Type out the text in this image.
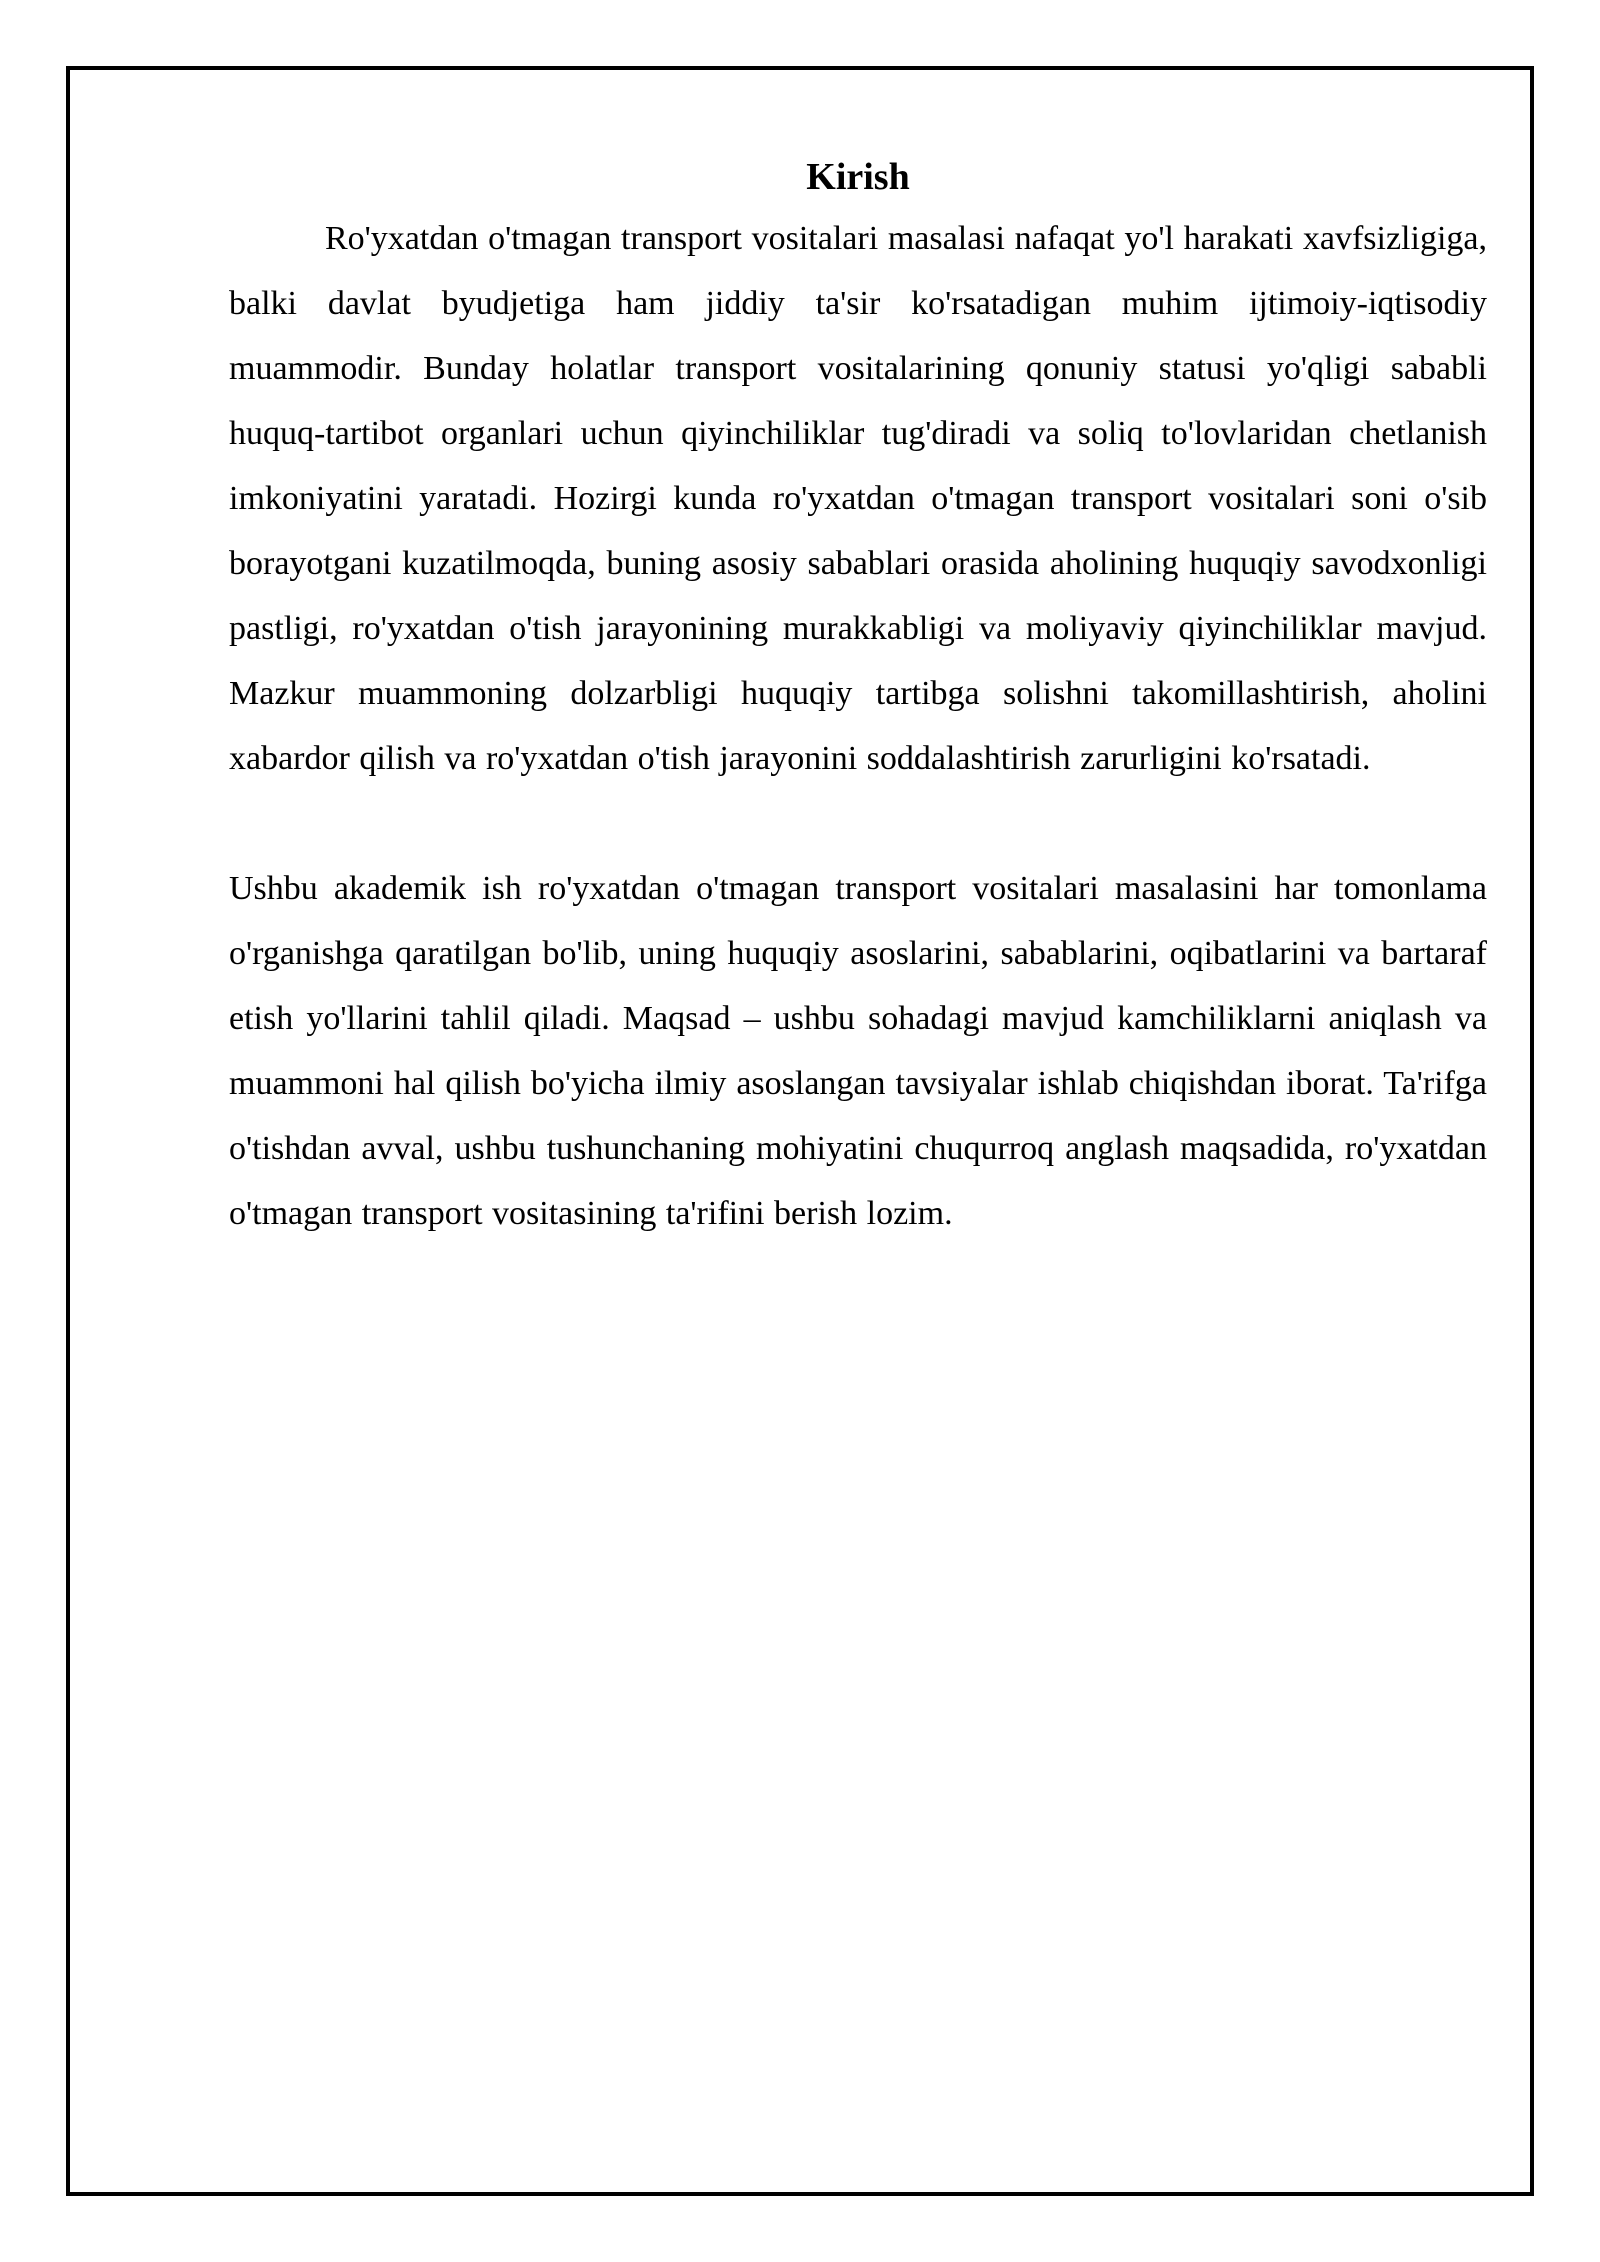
Kirish

Ro'yxatdan o'tmagan transport vositalari masalasi nafaqat yo'l harakati xavfsizligiga, balki davlat byudjetiga ham jiddiy ta'sir ko'rsatadigan muhim ijtimoiy-iqtisodiy muammodir. Bunday holatlar transport vositalarining qonuniy statusi yo'qligi sababli huquq-tartibot organlari uchun qiyinchiliklar tug'diradi va soliq to'lovlaridan chetlanish imkoniyatini yaratadi. Hozirgi kunda ro'yxatdan o'tmagan transport vositalari soni o'sib borayotgani kuzatilmoqda, buning asosiy sabablari orasida aholining huquqiy savodxonligi pastligi, ro'yxatdan o'tish jarayonining murakkabligi va moliyaviy qiyinchiliklar mavjud. Mazkur muammoning dolzarbligi huquqiy tartibga solishni takomillashtirish, aholini xabardor qilish va ro'yxatdan o'tish jarayonini soddalashtirish zarurligini ko'rsatadi.

Ushbu akademik ish ro'yxatdan o'tmagan transport vositalari masalasini har tomonlama o'rganishga qaratilgan bo'lib, uning huquqiy asoslarini, sabablarini, oqibatlarini va bartaraf etish yo'llarini tahlil qiladi. Maqsad – ushbu sohadagi mavjud kamchiliklarni aniqlash va muammoni hal qilish bo'yicha ilmiy asoslangan tavsiyalar ishlab chiqishdan iborat. Ta'rifga o'tishdan avval, ushbu tushunchaning mohiyatini chuqurroq anglash maqsadida, ro'yxatdan o'tmagan transport vositasining ta'rifini berish lozim.
